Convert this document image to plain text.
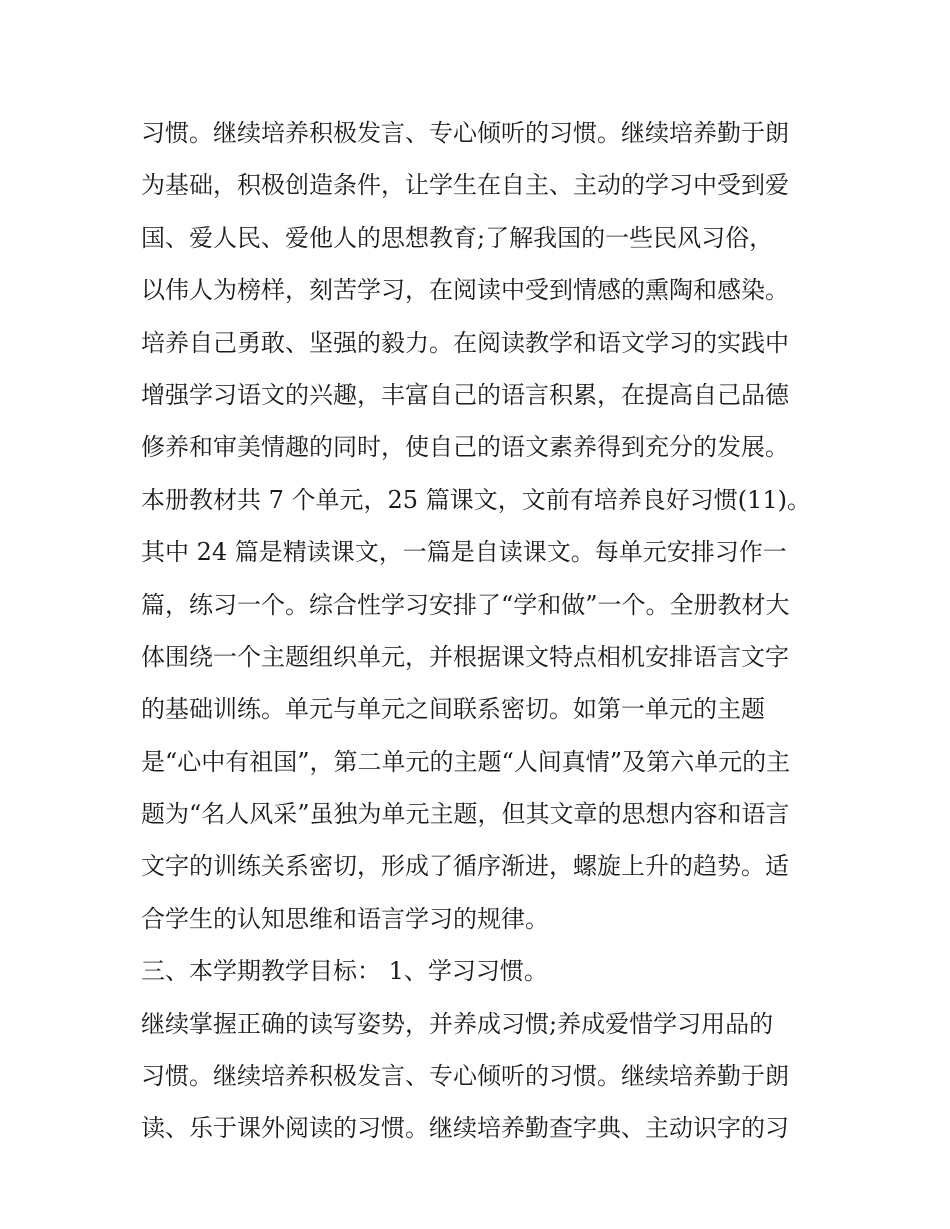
习惯。继续培养积极发言、专心倾听的习惯。继续培养勤于朗
为基础，积极创造条件，让学生在自主、主动的学习中受到爱
国、爱人民、爱他人的思想教育;了解我国的一些民风习俗，
以伟人为榜样，刻苦学习，在阅读中受到情感的熏陶和感染。
培养自己勇敢、坚强的毅力。在阅读教学和语文学习的实践中
增强学习语文的兴趣，丰富自己的语言积累，在提高自己品德
修养和审美情趣的同时，使自己的语文素养得到充分的发展。
本册教材共 7 个单元，25 篇课文，文前有培养良好习惯(11)。
其中 24 篇是精读课文，一篇是自读课文。每单元安排习作一
篇，练习一个。综合性学习安排了“学和做”一个。全册教材大
体围绕一个主题组织单元，并根据课文特点相机安排语言文字
的基础训练。单元与单元之间联系密切。如第一单元的主题
是“心中有祖国”，第二单元的主题“人间真情”及第六单元的主
题为“名人风采”虽独为单元主题，但其文章的思想内容和语言
文字的训练关系密切，形成了循序渐进，螺旋上升的趋势。适
合学生的认知思维和语言学习的规律。
三、本学期教学目标： 1、学习习惯。
继续掌握正确的读写姿势，并养成习惯;养成爱惜学习用品的
习惯。继续培养积极发言、专心倾听的习惯。继续培养勤于朗
读、乐于课外阅读的习惯。继续培养勤查字典、主动识字的习
